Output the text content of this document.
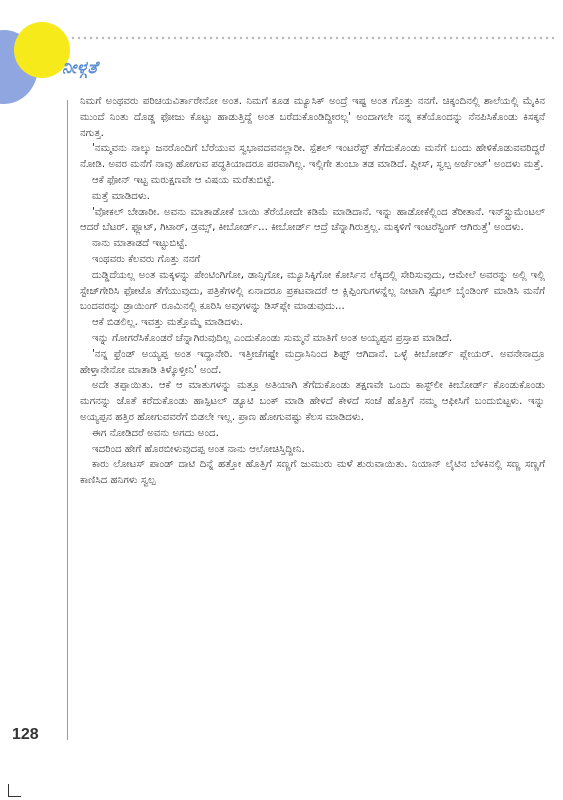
ನೀಳ್ಗತೆ
128

ನಿಮಗೆ ಅಂಥವರು ಪರಿಚಯವಿರ್ತಾರೇನೋ ಅಂತ. ನಿಮಗೆ ಕೂಡ ಮ್ಯೂಸಿಕ್ ಅಂದ್ರೆ ಇಷ್ಟ ಅಂತ ಗೊತ್ತು ನನಗೆ. ಚಿಕ್ಕಂದಿನಲ್ಲಿ ಶಾಲೆಯಲ್ಲಿ ಮೈಕಿನ ಮುಂದೆ ನಿಂತು ದೊಡ್ಡ ಫೋಜು ಕೊಟ್ಟು ಹಾಡುತ್ತಿದ್ದೆ ಅಂತ ಬರೆದುಕೊಂಡಿದ್ದೀರಲ್ಲ' ಅಂದಾಗಲೇ ನನ್ನ ಕತೆಯೊಂದನ್ನು ನೆನಪಿಸಿಕೊಂಡು ಕಿಸಕ್ಕನೆ ನಗುತ್ತ.

'ನಮ್ಮವನು ನಾಲ್ಕು ಜನರೊಂದಿಗೆ ಬೆರೆಯುವ ಸ್ವಭಾವದವನಲ್ಲಾರೀ. ಸ್ಪೆಶಲ್ ಇಂಟರೆಸ್ಟ್ ತೆಗೆದುಕೊಂಡು ಮನೆಗೆ ಬಂದು ಹೇಳಿಕೊಡುವವರಿದ್ದರೆ ನೋಡಿ. ಅವರ ಮನೆಗೆ ನಾವು ಹೋಗುವ ಪದ್ಧತಿಯಾದರೂ ಪರವಾಗಿಲ್ಲ. ಇಲ್ಲಿಗೇ ತುಂಬಾ ತಡ ಮಾಡಿದೆ. ಪ್ಲೀಸ್, ಸ್ವಲ್ಪ ಅರ್ಜೆಂಟ್' ಅಂದಳು ಮತ್ತೆ.

ಆಕೆ ಫೋನ್ ಇಟ್ಟ ಮರುಕ್ಷಣವೇ ಆ ವಿಷಯ ಮರೆತುಬಿಟ್ಟೆ.

ಮತ್ತೆ ಮಾಡಿದಳು.

'ವೋಕಲ್ ಬೇಡಾರೀ. ಅವನು ಮಾತಾಡೋಕೆ ಬಾಯಿ ತೆರೆಯೋದೇ ಕಡಿಮೆ ಮಾಡಿದಾನೆ. ಇನ್ನು ಹಾಡೋಕೆಲ್ಲಿಂದ ತೆರೀತಾನೆ. ಇನ್‌ಸ್ಟ್ರುಮೆಂಟಲ್ ಆದರೆ ಬೆಟರ್. ಫ್ಲೂಟ್, ಗಿಟಾರ್, ಡ್ರಮ್ಸ್, ಕೀಬೋರ್ಡ್... ಕೀಬೋರ್ಡ್ ಆದ್ರೆ ಚೆನ್ನಾಗಿರುತ್ತಲ್ಲ. ಮಕ್ಕಳಿಗೆ ಇಂಟರೆಸ್ಟಿಂಗ್ ಆಗಿರುತ್ತೆ' ಅಂದಳು.

ನಾನು ಮಾತಾಡದೆ ಇಟ್ಟುಬಿಟ್ಟೆ.

ಇಂಥವರು ಕೆಲವರು ಗೊತ್ತು ನನಗೆ

ದುಡ್ಡಿದೆಯಲ್ಲ ಅಂತ ಮಕ್ಕಳನ್ನು ಪೇಂಟಿಂಗಿಗೋ, ಡಾನ್ಸಿಗೋ, ಮ್ಯೂಸಿಕ್ಕಿಗೋ ಕೋರ್ಸಿನ ಲೆಕ್ಕದಲ್ಲಿ ಸೇರಿಸುವುದು, ಆಮೇಲೆ ಅವರನ್ನು ಅಲ್ಲಿ ಇಲ್ಲಿ ಸ್ಟೇಜ್‌ಗೇರಿಸಿ ಫೋಟೊ ತೆಗೆಯುವುದು, ಪತ್ರಿಕೆಗಳಲ್ಲಿ ಏನಾದರೂ ಪ್ರಕಟವಾದರೆ ಆ ಕ್ಲಿಪ್ಪಿಂಗುಗಳನ್ನೆಲ್ಲ ನೀಟಾಗಿ ಸ್ಪೈರಲ್ ಬೈಂಡಿಂಗ್ ಮಾಡಿಸಿ ಮನೆಗೆ ಬಂದವರನ್ನು ಡ್ರಾಯಿಂಗ್ ರೂಮಿನಲ್ಲಿ ಕೂರಿಸಿ ಅವುಗಳನ್ನು ಡಿಸ್‌ಪ್ಲೇ ಮಾಡುವುದು...

ಆಕೆ ಬಿಡಲಿಲ್ಲ. ಇವತ್ತು ಮತ್ತೊಮ್ಮೆ ಮಾಡಿದಳು.

ಇನ್ನು ಗೋಗರೆಸಿಕೊಂಡರೆ ಚೆನ್ನಾಗಿರುವುದಿಲ್ಲ ಎಂದುಕೊಂಡು ಸುಮ್ಮನೆ ಮಾತಿಗೆ ಅಂತ ಅಯ್ಯಪ್ಪನ ಪ್ರಸ್ತಾಪ ಮಾಡಿದೆ.

'ನನ್ನ ಫ್ರೆಂಡ್ ಅಯ್ಯಪ್ಪ ಅಂತ ಇದ್ದಾನೇರಿ. ಇತ್ತೀಚೆಗಷ್ಟೇ ಮದ್ರಾಸಿನಿಂದ ಶಿಫ್ಟ್ ಆಗಿದಾನೆ. ಒಳ್ಳೆ ಕೀಬೋರ್ಡ್ ಪ್ಲೇಯರ್. ಅವನೇನಾದ್ರೂ ಹೇಳ್ತಾನೇನೋ ಮಾತಾಡಿ ತಿಳ್ಕೊಳ್ತೀನಿ' ಅಂದೆ.

ಅದೇ ತಪ್ಪಾಯಿತು. ಆಕೆ ಆ ಮಾತುಗಳನ್ನು ಮತ್ತೂ ಅತಿಯಾಗಿ ತೆಗೆದುಕೊಂಡು ತಕ್ಷಣವೇ ಒಂದು ಕಾಸ್ಟ್‌ಲೀ ಕೀಬೋರ್ಡ್ ಕೊಂಡುಕೊಂಡು ಮಗನನ್ನು ಜೊತೆ ಕರೆದುಕೊಂಡು ಹಾಸ್ಪಿಟಲ್ ಡ್ಯೂಟಿ ಬಂಕ್ ಮಾಡಿ ಹೇಳದೆ ಕೇಳದೆ ಸಂಜೆ ಹೊತ್ತಿಗೆ ನಮ್ಮ ಆಫೀಸಿಗೆ ಬಂದುಬಿಟ್ಟಳು. ಇನ್ನು ಅಯ್ಯಪ್ಪನ ಹತ್ತಿರ ಹೋಗುವವರೆಗೆ ಬಿಡಲೇ ಇಲ್ಲ. ಪ್ರಾಣ ಹೋಗುವಷ್ಟು ಕೆಲಸ ಮಾಡಿದಳು.

ಈಗ ನೋಡಿದರೆ ಅವನು ಅಗದು ಅಂದ.

ಇದರಿಂದ ಹೇಗೆ ಹೊರಬೀಳುವುದಪ್ಪ ಅಂತ ನಾನು ಆಲೋಚಿಸ್ತಿದ್ದೀನಿ.

ಕಾರು ಲೋಟಸ್ ಪಾಂಡ್ ದಾಟಿ ದಿನ್ನೆ ಹತ್ತೋ ಹೊತ್ತಿಗೆ ಸಣ್ಣಗೆ ಜುಮುರು ಮಳೆ ಶುರುವಾಯಿತು. ನಿಯಾನ್ ಲೈಟಿನ ಬೆಳಕಿನಲ್ಲಿ ಸಣ್ಣ ಸಣ್ಣಗೆ ಕಾಣಿಸಿದ ಹನಿಗಳು ಸ್ವಲ್ಪ
